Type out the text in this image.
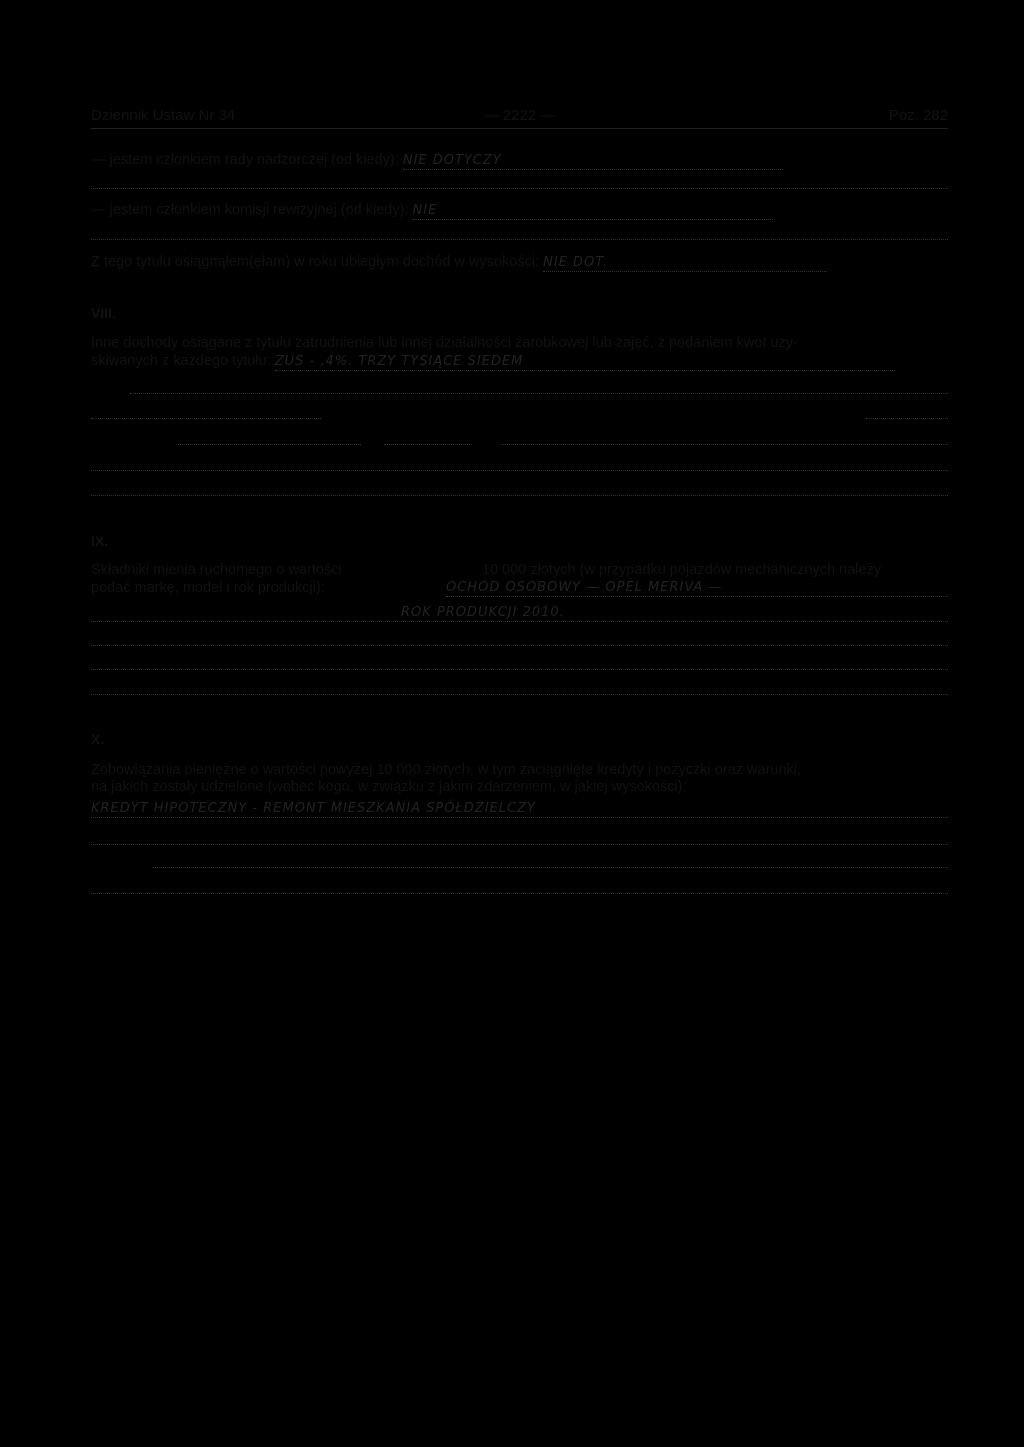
Dziennik Ustaw Nr 34	— 2222 —	Poz. 282
— jestem członkiem rady nadzorczej (od kiedy): NIE DOTYCZY
— jestem członkiem komisji rewizyjnej (od kiedy): NIE
Z tego tytułu osiągnąłem(ęłam) w roku ubiegłym dochód w wysokości: NIE DOT.
VIII.
Inne dochody osiągane z tytułu zatrudnienia lub innej działalności zarobkowej lub zajęć, z podaniem kwot uzy-
skiwanych z każdego tytułu: ZUS - ,4%. TRZY TYSIĄCE SIEDEM
IX.
Składniki mienia ruchomego o wartości	10 000 złotych (w przypadku pojazdów mechanicznych należy
podać markę, model i rok produkcji):	OCHÓD OSOBOWY — OPEL MERIVA —
ROK PRODUKCJI 2010.
X.
Zobowiązania pieniężne o wartości powyżej 10 000 złotych, w tym zaciągnięte kredyty i pożyczki oraz warunki,
na jakich zostały udzielone (wobec kogo, w związku z jakim zdarzeniem, w jakiej wysokości):
KREDYT HIPOTECZNY - REMONT MIESZKANIA SPÓŁDZIELCZY
